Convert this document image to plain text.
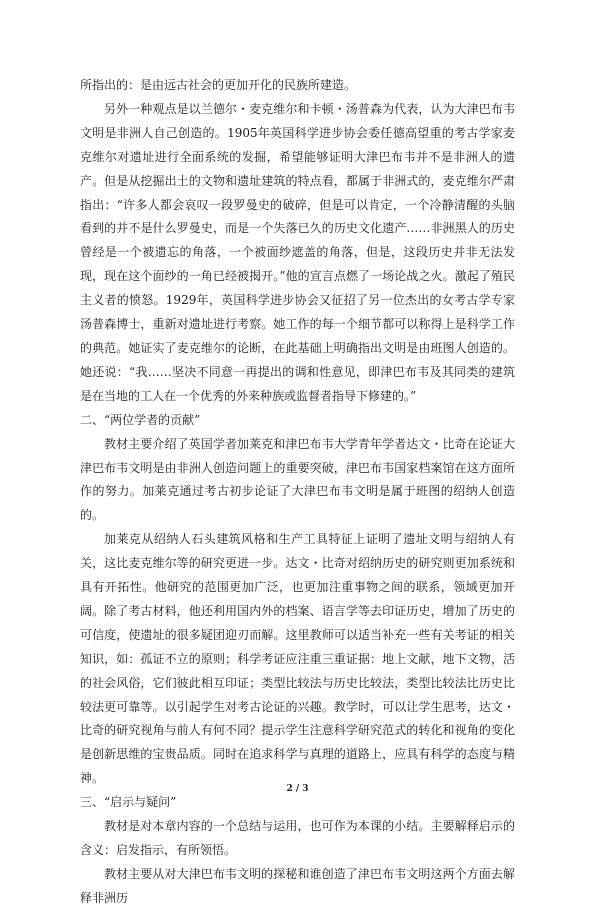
所指出的：是由远古社会的更加开化的民族所建造。

另外一种观点是以兰德尔・麦克维尔和卡顿・汤普森为代表，认为大津巴布韦文明是非洲人自己创造的。1905年英国科学进步协会委任德高望重的考古学家麦克维尔对遗址进行全面系统的发掘，希望能够证明大津巴布韦并不是非洲人的遗产。但是从挖掘出土的文物和遗址建筑的特点看，都属于非洲式的，麦克维尔严肃指出：“许多人都会哀叹一段罗曼史的破碎，但是可以肯定，一个冷静清醒的头脑看到的并不是什么罗曼史，而是一个失落已久的历史文化遗产……非洲黑人的历史曾经是一个被遗忘的角落，一个被面纱遮盖的角落，但是，这段历史并非无法发现，现在这个面纱的一角已经被揭开。”他的宣言点燃了一场论战之火。激起了殖民主义者的愤怒。1929年，英国科学进步协会又征招了另一位杰出的女考古学专家汤普森博士，重新对遗址进行考察。她工作的每一个细节都可以称得上是科学工作的典范。她证实了麦克维尔的论断，在此基础上明确指出文明是由班图人创造的。她还说：“我……坚决不同意一再提出的调和性意见，即津巴布韦及其同类的建筑是在当地的工人在一个优秀的外来种族或监督者指导下修建的。”

二、“两位学者的贡献”

教材主要介绍了英国学者加莱克和津巴布韦大学青年学者达文・比奇在论证大津巴布韦文明是由非洲人创造问题上的重要突破，津巴布韦国家档案馆在这方面所作的努力。加莱克通过考古初步论证了大津巴布韦文明是属于班图的绍纳人创造的。

加莱克从绍纳人石头建筑风格和生产工具特征上证明了遗址文明与绍纳人有关，这比麦克维尔等的研究更进一步。达文・比奇对绍纳历史的研究则更加系统和具有开拓性。他研究的范围更加广泛，也更加注重事物之间的联系，领域更加开阔。除了考古材料，他还利用国内外的档案、语言学等去印证历史，增加了历史的可信度，使遗址的很多疑团迎刃而解。这里教师可以适当补充一些有关考证的相关知识，如：孤证不立的原则；科学考证应注重三重证据：地上文献，地下文物，活的社会风俗，它们彼此相互印证；类型比较法与历史比较法，类型比较法比历史比较法更可靠等。以引起学生对考古论证的兴趣。教学时，可以让学生思考，达文・比奇的研究视角与前人有何不同？提示学生注意科学研究范式的转化和视角的变化是创新思维的宝贵品质。同时在追求科学与真理的道路上，应具有科学的态度与精神。

三、“启示与疑问”

教材是对本章内容的一个总结与运用，也可作为本课的小结。主要解释启示的含义：启发指示，有所领悟。

教材主要从对大津巴布韦文明的探秘和谁创造了津巴布韦文明这两个方面去解释非洲历

2 / 3
